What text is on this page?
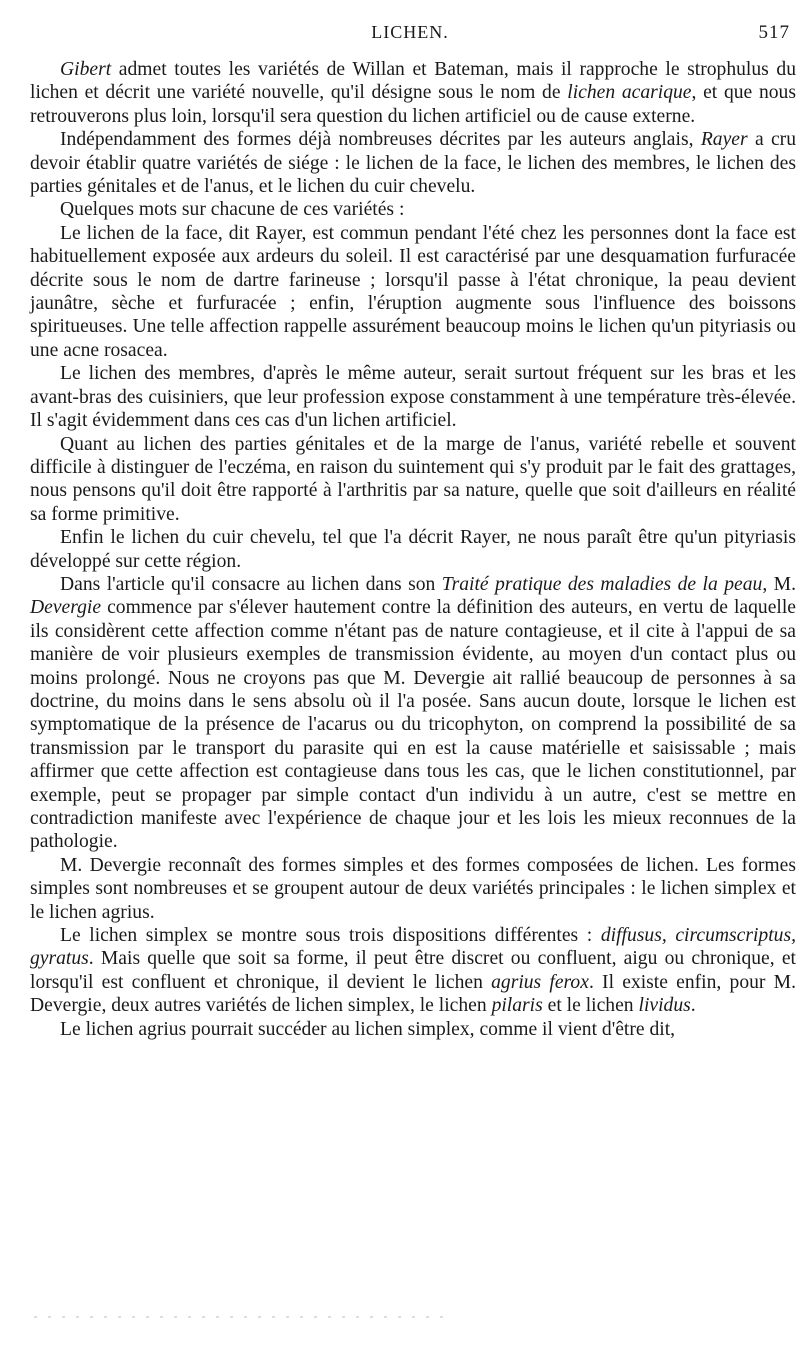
LICHEN.	517

Gibert admet toutes les variétés de Willan et Bateman, mais il rapproche le strophulus du lichen et décrit une variété nouvelle, qu'il désigne sous le nom de lichen acarique, et que nous retrouverons plus loin, lorsqu'il sera question du lichen artificiel ou de cause externe.

Indépendamment des formes déjà nombreuses décrites par les auteurs anglais, Rayer a cru devoir établir quatre variétés de siége : le lichen de la face, le lichen des membres, le lichen des parties génitales et de l'anus, et le lichen du cuir chevelu.

Quelques mots sur chacune de ces variétés :

Le lichen de la face, dit Rayer, est commun pendant l'été chez les personnes dont la face est habituellement exposée aux ardeurs du soleil. Il est caractérisé par une desquamation furfuracée décrite sous le nom de dartre farineuse ; lorsqu'il passe à l'état chronique, la peau devient jaunâtre, sèche et furfuracée ; enfin, l'éruption augmente sous l'influence des boissons spiritueuses. Une telle affection rappelle assurément beaucoup moins le lichen qu'un pityriasis ou une acne rosacea.

Le lichen des membres, d'après le même auteur, serait surtout fréquent sur les bras et les avant-bras des cuisiniers, que leur profession expose constamment à une température très-élevée. Il s'agit évidemment dans ces cas d'un lichen artificiel.

Quant au lichen des parties génitales et de la marge de l'anus, variété rebelle et souvent difficile à distinguer de l'eczéma, en raison du suintement qui s'y produit par le fait des grattages, nous pensons qu'il doit être rapporté à l'arthritis par sa nature, quelle que soit d'ailleurs en réalité sa forme primitive.

Enfin le lichen du cuir chevelu, tel que l'a décrit Rayer, ne nous paraît être qu'un pityriasis développé sur cette région.

Dans l'article qu'il consacre au lichen dans son Traité pratique des maladies de la peau, M. Devergie commence par s'élever hautement contre la définition des auteurs, en vertu de laquelle ils considèrent cette affection comme n'étant pas de nature contagieuse, et il cite à l'appui de sa manière de voir plusieurs exemples de transmission évidente, au moyen d'un contact plus ou moins prolongé. Nous ne croyons pas que M. Devergie ait rallié beaucoup de personnes à sa doctrine, du moins dans le sens absolu où il l'a posée. Sans aucun doute, lorsque le lichen est symptomatique de la présence de l'acarus ou du tricophyton, on comprend la possibilité de sa transmission par le transport du parasite qui en est la cause matérielle et saisissable ; mais affirmer que cette affection est contagieuse dans tous les cas, que le lichen constitutionnel, par exemple, peut se propager par simple contact d'un individu à un autre, c'est se mettre en contradiction manifeste avec l'expérience de chaque jour et les lois les mieux reconnues de la pathologie.

M. Devergie reconnaît des formes simples et des formes composées de lichen. Les formes simples sont nombreuses et se groupent autour de deux variétés principales : le lichen simplex et le lichen agrius.

Le lichen simplex se montre sous trois dispositions différentes : diffusus, circumscriptus, gyratus. Mais quelle que soit sa forme, il peut être discret ou confluent, aigu ou chronique, et lorsqu'il est confluent et chronique, il devient le lichen agrius ferox. Il existe enfin, pour M. Devergie, deux autres variétés de lichen simplex, le lichen pilaris et le lichen lividus.

Le lichen agrius pourrait succéder au lichen simplex, comme il vient d'être dit,
